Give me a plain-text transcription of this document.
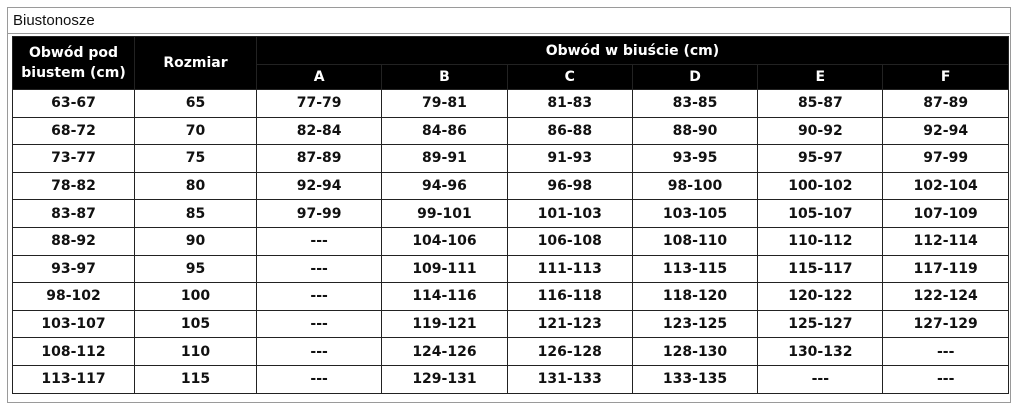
Biustonosze
Obwód pod biustem (cm)	Rozmiar	Obwód w biuście (cm)					
		A	B	C	D	E	F
63-67	65	77-79	79-81	81-83	83-85	85-87	87-89
68-72	70	82-84	84-86	86-88	88-90	90-92	92-94
73-77	75	87-89	89-91	91-93	93-95	95-97	97-99
78-82	80	92-94	94-96	96-98	98-100	100-102	102-104
83-87	85	97-99	99-101	101-103	103-105	105-107	107-109
88-92	90	---	104-106	106-108	108-110	110-112	112-114
93-97	95	---	109-111	111-113	113-115	115-117	117-119
98-102	100	---	114-116	116-118	118-120	120-122	122-124
103-107	105	---	119-121	121-123	123-125	125-127	127-129
108-112	110	---	124-126	126-128	128-130	130-132	---
113-117	115	---	129-131	131-133	133-135	---	---
